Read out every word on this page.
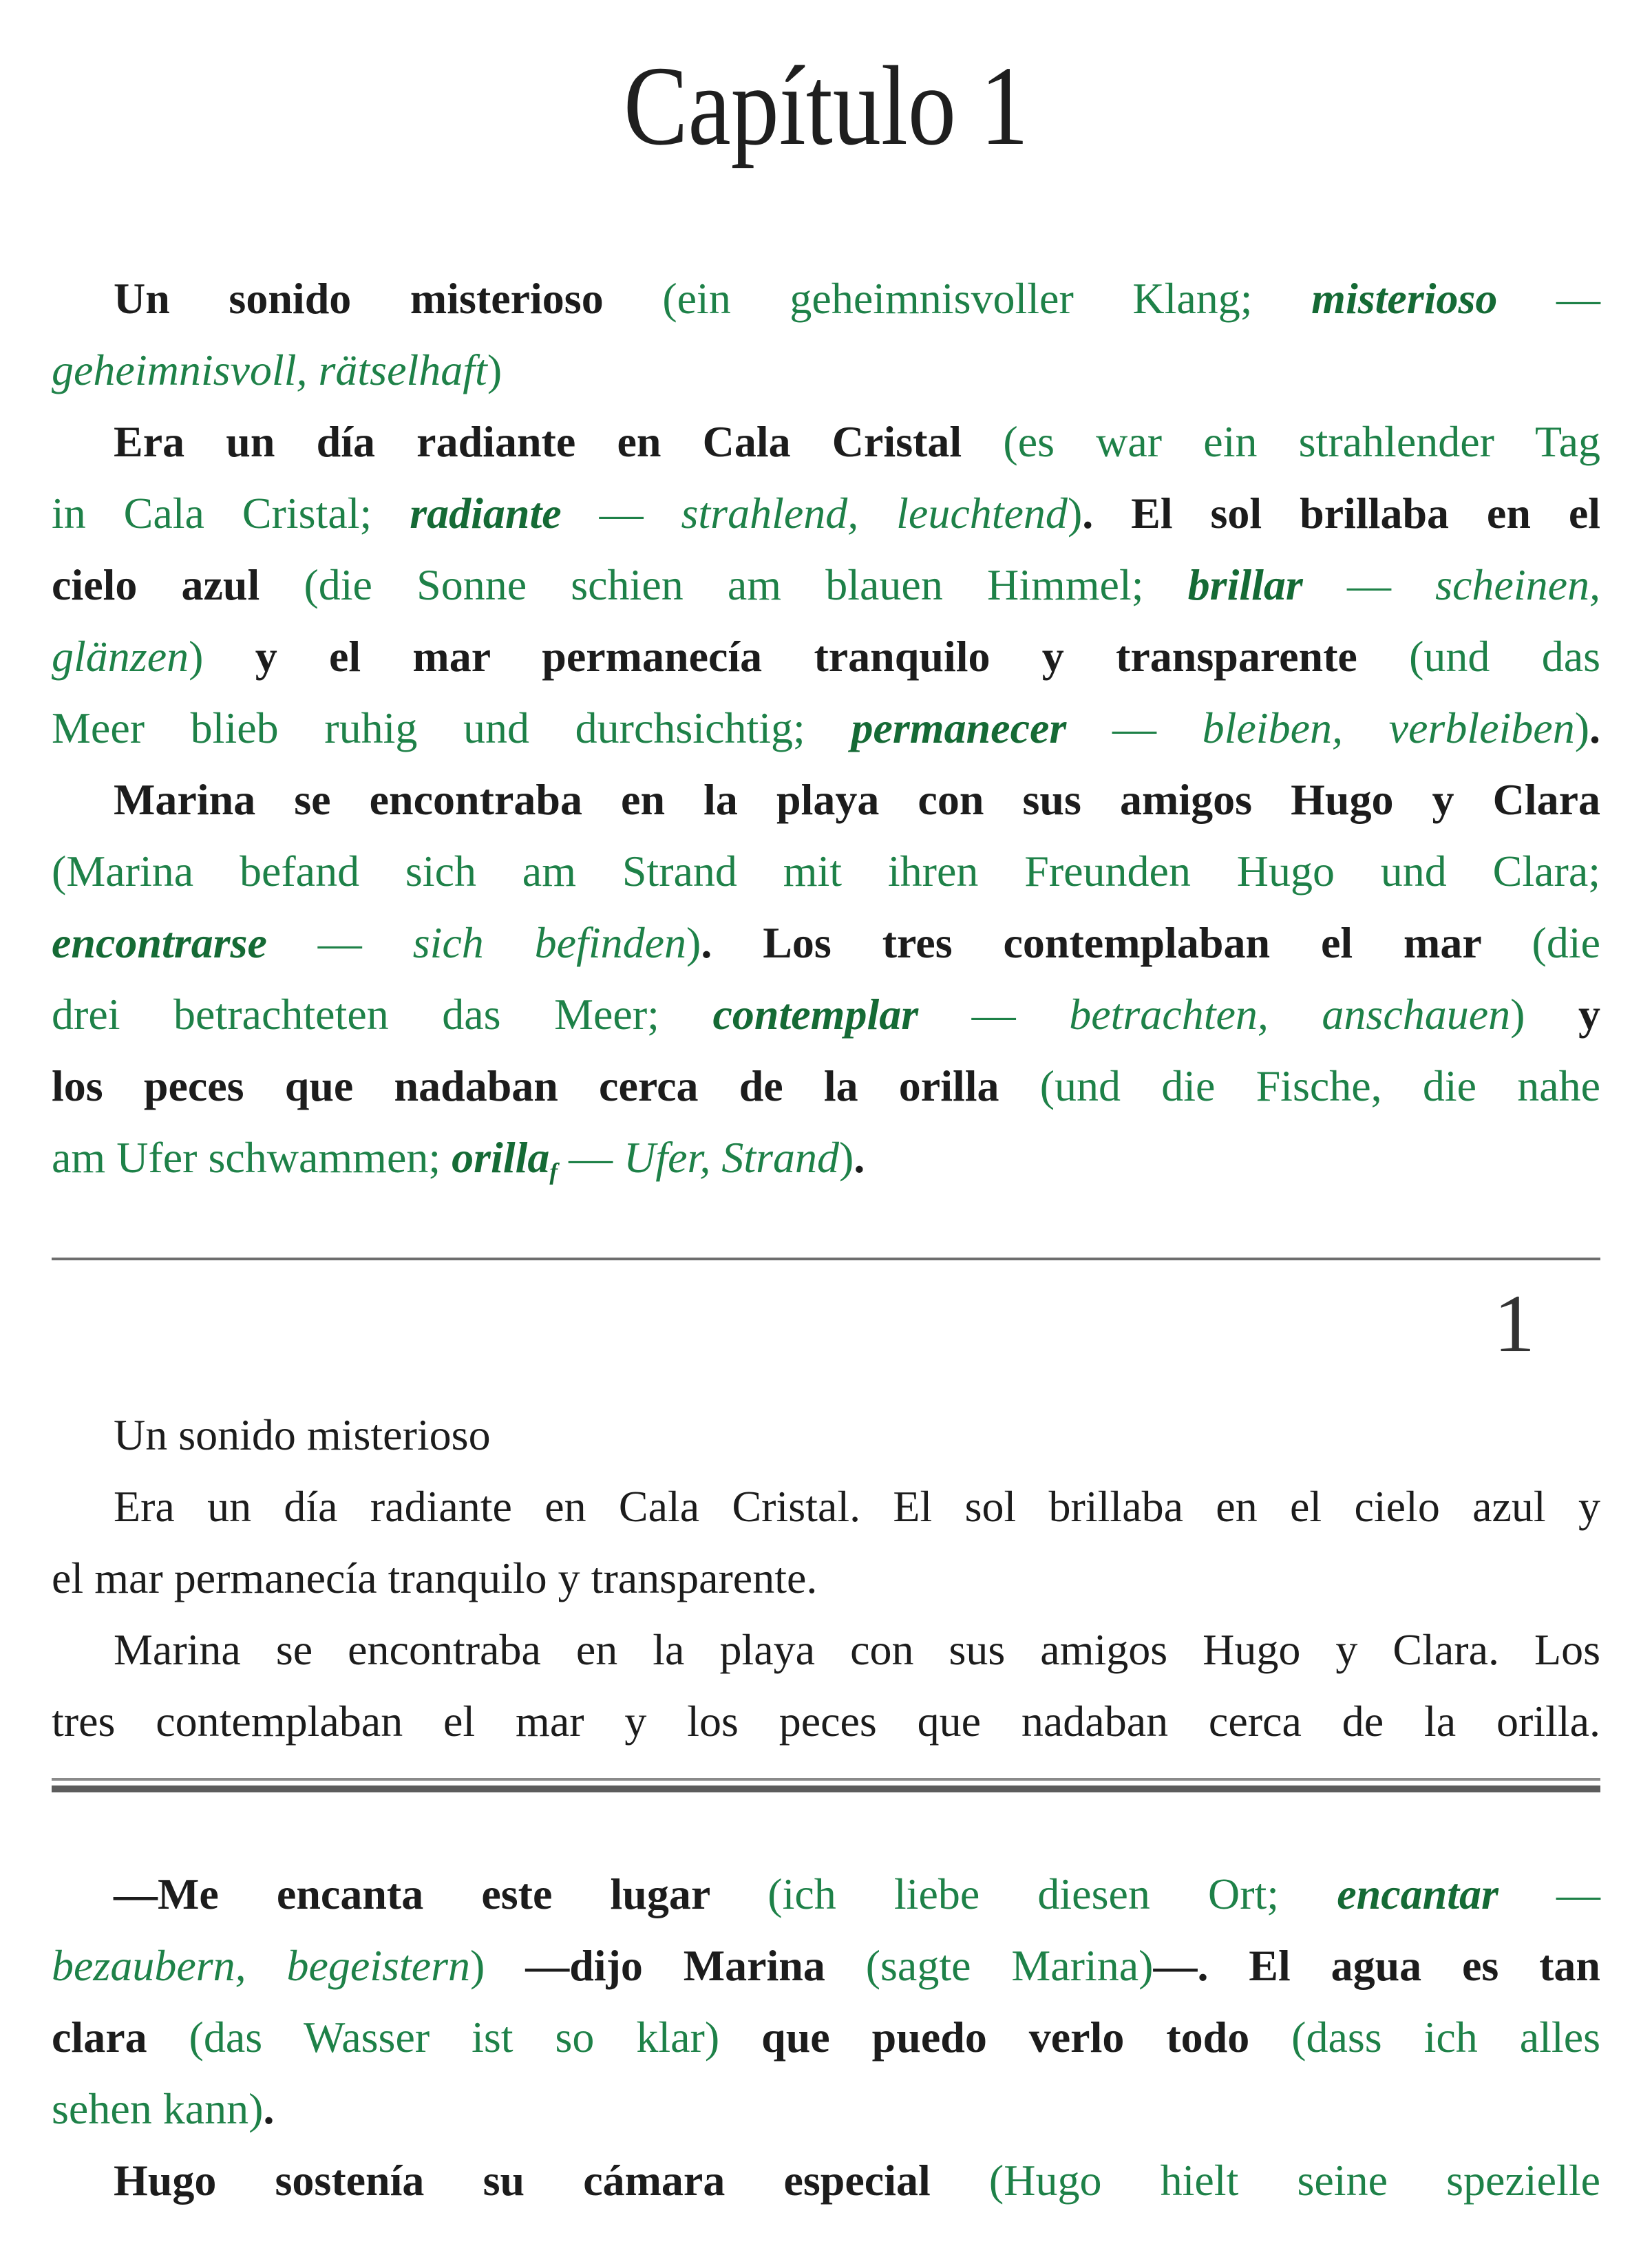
Capítulo 1
Un sonido misterioso (ein geheimnisvoller Klang; misterioso —
geheimnisvoll, rätselhaft)
Era un día radiante en Cala Cristal (es war ein strahlender Tag
in Cala Cristal; radiante — strahlend, leuchtend). El sol brillaba en el
cielo azul (die Sonne schien am blauen Himmel; brillar — scheinen,
glänzen) y el mar permanecía tranquilo y transparente (und das
Meer blieb ruhig und durchsichtig; permanecer — bleiben, verbleiben).
Marina se encontraba en la playa con sus amigos Hugo y Clara
(Marina befand sich am Strand mit ihren Freunden Hugo und Clara;
encontrarse — sich befinden). Los tres contemplaban el mar (die
drei betrachteten das Meer; contemplar — betrachten, anschauen) y
los peces que nadaban cerca de la orilla (und die Fische, die nahe
am Ufer schwammen; orillaf — Ufer, Strand).
1
Un sonido misterioso
Era un día radiante en Cala Cristal. El sol brillaba en el cielo azul y
el mar permanecía tranquilo y transparente.
Marina se encontraba en la playa con sus amigos Hugo y Clara. Los
tres contemplaban el mar y los peces que nadaban cerca de la orilla.
—Me encanta este lugar (ich liebe diesen Ort; encantar —
bezaubern, begeistern) —dijo Marina (sagte Marina)—. El agua es tan
clara (das Wasser ist so klar) que puedo verlo todo (dass ich alles
sehen kann).
Hugo sostenía su cámara especial (Hugo hielt seine spezielle
